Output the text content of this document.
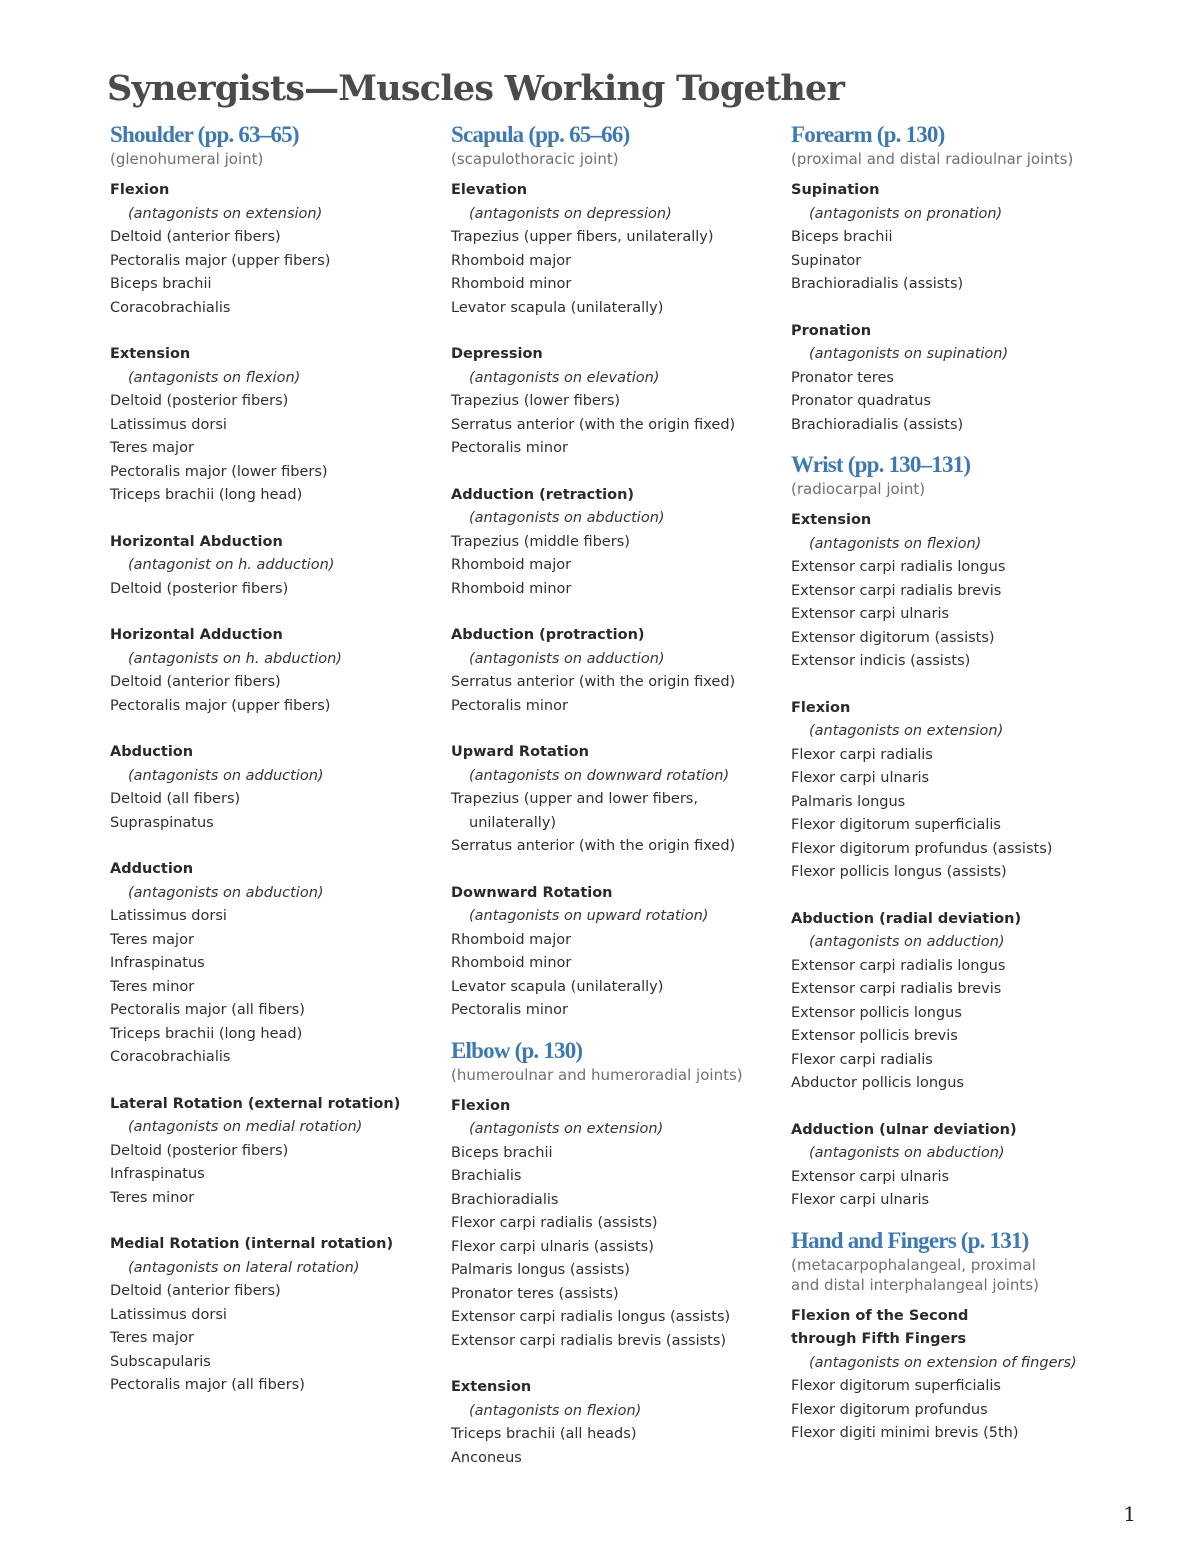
Synergists—Muscles Working Together
Shoulder (pp. 63–65)
(glenohumeral joint)
Flexion
(antagonists on extension)
Deltoid (anterior fibers)
Pectoralis major (upper fibers)
Biceps brachii
Coracobrachialis
Extension
(antagonists on flexion)
Deltoid (posterior fibers)
Latissimus dorsi
Teres major
Pectoralis major (lower fibers)
Triceps brachii (long head)
Horizontal Abduction
(antagonist on h. adduction)
Deltoid (posterior fibers)
Horizontal Adduction
(antagonists on h. abduction)
Deltoid (anterior fibers)
Pectoralis major (upper fibers)
Abduction
(antagonists on adduction)
Deltoid (all fibers)
Supraspinatus
Adduction
(antagonists on abduction)
Latissimus dorsi
Teres major
Infraspinatus
Teres minor
Pectoralis major (all fibers)
Triceps brachii (long head)
Coracobrachialis
Lateral Rotation (external rotation)
(antagonists on medial rotation)
Deltoid (posterior fibers)
Infraspinatus
Teres minor
Medial Rotation (internal rotation)
(antagonists on lateral rotation)
Deltoid (anterior fibers)
Latissimus dorsi
Teres major
Subscapularis
Pectoralis major (all fibers)
Scapula (pp. 65–66)
(scapulothoracic joint)
Elevation
(antagonists on depression)
Trapezius (upper fibers, unilaterally)
Rhomboid major
Rhomboid minor
Levator scapula (unilaterally)
Depression
(antagonists on elevation)
Trapezius (lower fibers)
Serratus anterior (with the origin fixed)
Pectoralis minor
Adduction (retraction)
(antagonists on abduction)
Trapezius (middle fibers)
Rhomboid major
Rhomboid minor
Abduction (protraction)
(antagonists on adduction)
Serratus anterior (with the origin fixed)
Pectoralis minor
Upward Rotation
(antagonists on downward rotation)
Trapezius (upper and lower fibers,
unilaterally)
Serratus anterior (with the origin fixed)
Downward Rotation
(antagonists on upward rotation)
Rhomboid major
Rhomboid minor
Levator scapula (unilaterally)
Pectoralis minor
Elbow (p. 130)
(humeroulnar and humeroradial joints)
Flexion
(antagonists on extension)
Biceps brachii
Brachialis
Brachioradialis
Flexor carpi radialis (assists)
Flexor carpi ulnaris (assists)
Palmaris longus (assists)
Pronator teres (assists)
Extensor carpi radialis longus (assists)
Extensor carpi radialis brevis (assists)
Extension
(antagonists on flexion)
Triceps brachii (all heads)
Anconeus
Forearm (p. 130)
(proximal and distal radioulnar joints)
Supination
(antagonists on pronation)
Biceps brachii
Supinator
Brachioradialis (assists)
Pronation
(antagonists on supination)
Pronator teres
Pronator quadratus
Brachioradialis (assists)
Wrist (pp. 130–131)
(radiocarpal joint)
Extension
(antagonists on flexion)
Extensor carpi radialis longus
Extensor carpi radialis brevis
Extensor carpi ulnaris
Extensor digitorum (assists)
Extensor indicis (assists)
Flexion
(antagonists on extension)
Flexor carpi radialis
Flexor carpi ulnaris
Palmaris longus
Flexor digitorum superficialis
Flexor digitorum profundus (assists)
Flexor pollicis longus (assists)
Abduction (radial deviation)
(antagonists on adduction)
Extensor carpi radialis longus
Extensor carpi radialis brevis
Extensor pollicis longus
Extensor pollicis brevis
Flexor carpi radialis
Abductor pollicis longus
Adduction (ulnar deviation)
(antagonists on abduction)
Extensor carpi ulnaris
Flexor carpi ulnaris
Hand and Fingers (p. 131)
(metacarpophalangeal, proximal
and distal interphalangeal joints)
Flexion of the Second
through Fifth Fingers
(antagonists on extension of fingers)
Flexor digitorum superficialis
Flexor digitorum profundus
Flexor digiti minimi brevis (5th)
1
